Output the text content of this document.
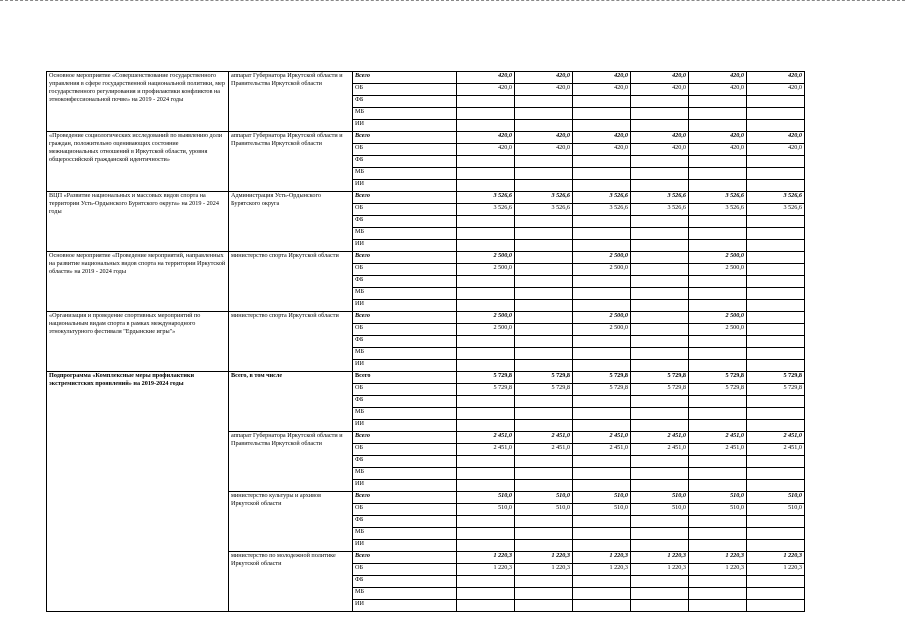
Основное мероприятие «Совершенствование государственного управления в сфере государственной национальной политики, мер государственного регулирования и профилактики конфликтов на этноконфессиональной почве» на 2019 - 2024 годы	аппарат Губернатора Иркутской области и Правительства Иркутской области	Всего	420,0	420,0	420,0	420,0	420,0	420,0
		ОБ	420,0	420,0	420,0	420,0	420,0	420,0
		ФБ						
		МБ						
		ИИ						
«Проведение социологических исследований по выявлению доли граждан, положительно оценивающих состояние межнациональных отношений в Иркутской области, уровня общероссийской гражданской идентичности»	аппарат Губернатора Иркутской области и Правительства Иркутской области	Всего	420,0	420,0	420,0	420,0	420,0	420,0
		ОБ	420,0	420,0	420,0	420,0	420,0	420,0
		ФБ						
		МБ						
		ИИ						
ВЦП «Развитие национальных и массовых видов спорта на территории Усть-Ордынского Бурятского округа» на 2019 - 2024 годы	Администрация Усть-Ордынского Бурятского округа	Всего	3 526,6	3 526,6	3 526,6	3 526,6	3 526,6	3 526,6
		ОБ	3 526,6	3 526,6	3 526,6	3 526,6	3 526,6	3 526,6
		ФБ						
		МБ						
		ИИ						
Основное мероприятие «Проведение мероприятий, направленных на развитие национальных видов спорта на территории Иркутской области» на 2019 - 2024 годы	министерство спорта Иркутской области	Всего	2 500,0		2 500,0		2 500,0	
		ОБ	2 500,0		2 500,0		2 500,0	
		ФБ						
		МБ						
		ИИ						
«Организация и проведение спортивных мероприятий по национальным видам спорта в рамках международного этнокультурного фестиваля "Ердынские игры"»	министерство спорта Иркутской области	Всего	2 500,0		2 500,0		2 500,0	
		ОБ	2 500,0		2 500,0		2 500,0	
		ФБ						
		МБ						
		ИИ						
Подпрограмма «Комплексные меры профилактики экстремистских проявлений» на 2019-2024 годы	Всего, в том числе	Всего	5 729,8	5 729,8	5 729,8	5 729,8	5 729,8	5 729,8
		ОБ	5 729,8	5 729,8	5 729,8	5 729,8	5 729,8	5 729,8
		ФБ						
		МБ						
		ИИ						
	аппарат Губернатора Иркутской области и Правительства Иркутской области	Всего	2 451,0	2 451,0	2 451,0	2 451,0	2 451,0	2 451,0
		ОБ	2 451,0	2 451,0	2 451,0	2 451,0	2 451,0	2 451,0
		ФБ						
		МБ						
		ИИ						
	министерство культуры и архивов Иркутской области	Всего	510,0	510,0	510,0	510,0	510,0	510,0
		ОБ	510,0	510,0	510,0	510,0	510,0	510,0
		ФБ						
		МБ						
		ИИ						
	министерство по молодежной политике Иркутской области	Всего	1 220,3	1 220,3	1 220,3	1 220,3	1 220,3	1 220,3
		ОБ	1 220,3	1 220,3	1 220,3	1 220,3	1 220,3	1 220,3
		ФБ						
		МБ						
		ИИ						
